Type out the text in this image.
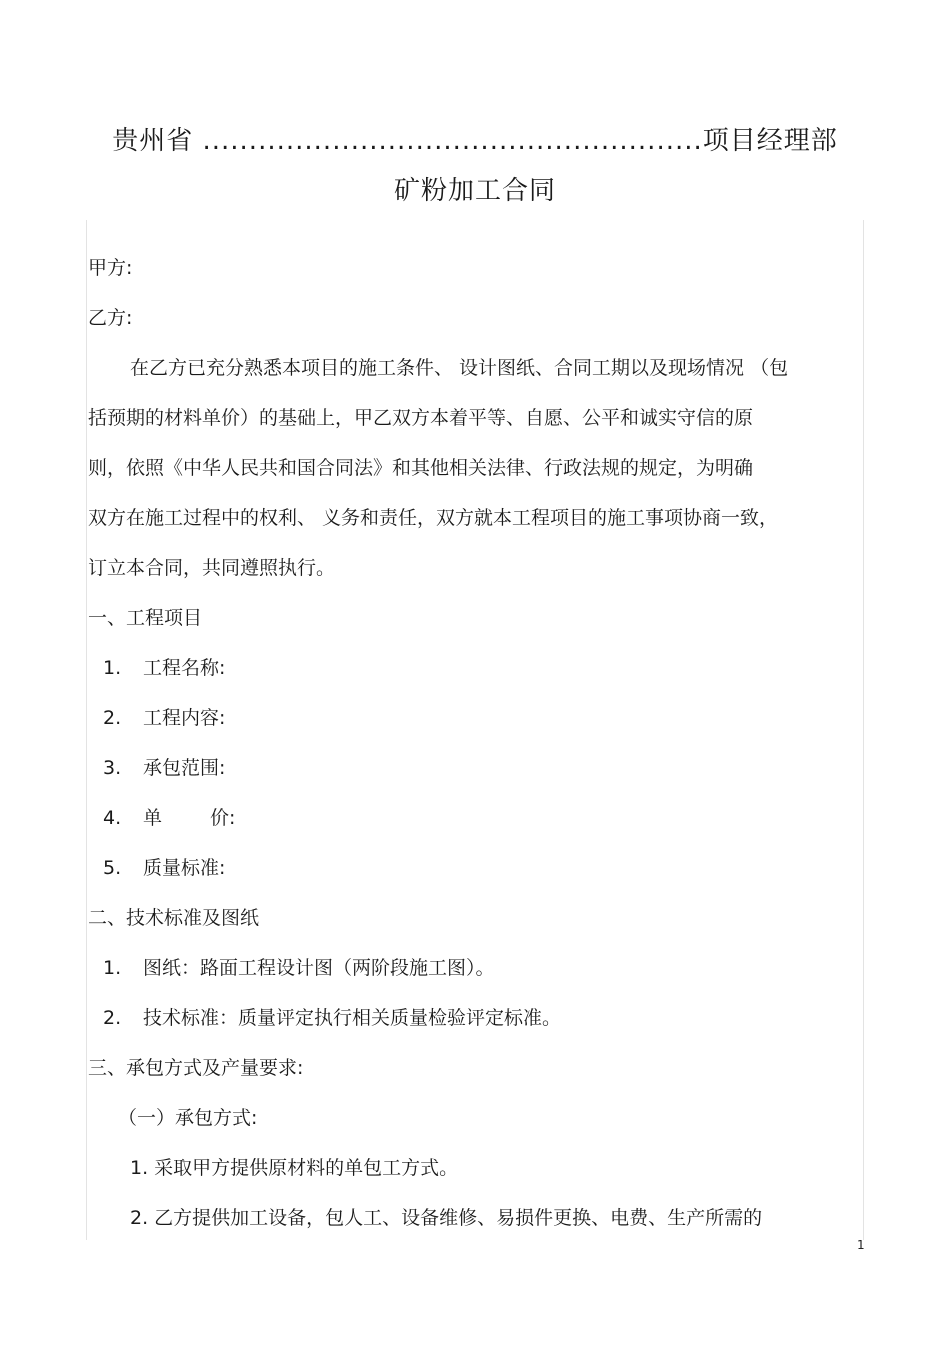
贵州省 ......................................................项目经理部
矿粉加工合同
甲方:
乙方:
在乙方已充分熟悉本项目的施工条件、 设计图纸、合同工期以及现场情况 （包
括预期的材料单价）的基础上，甲乙双方本着平等、自愿、公平和诚实守信的原
则，依照《中华人民共和国合同法》和其他相关法律、行政法规的规定，为明确
双方在施工过程中的权利、 义务和责任，双方就本工程项目的施工事项协商一致，
订立本合同，共同遵照执行。
一、工程项目
1. 工程名称:
2. 工程内容:
3. 承包范围:
4. 单	价:
5. 质量标准:
二、技术标准及图纸
1. 图纸：路面工程设计图（两阶段施工图）。
2. 技术标准：质量评定执行相关质量检验评定标准。
三、承包方式及产量要求:
（一）承包方式:
1. 采取甲方提供原材料的单包工方式。
2. 乙方提供加工设备，包人工、设备维修、易损件更换、电费、生产所需的
1
